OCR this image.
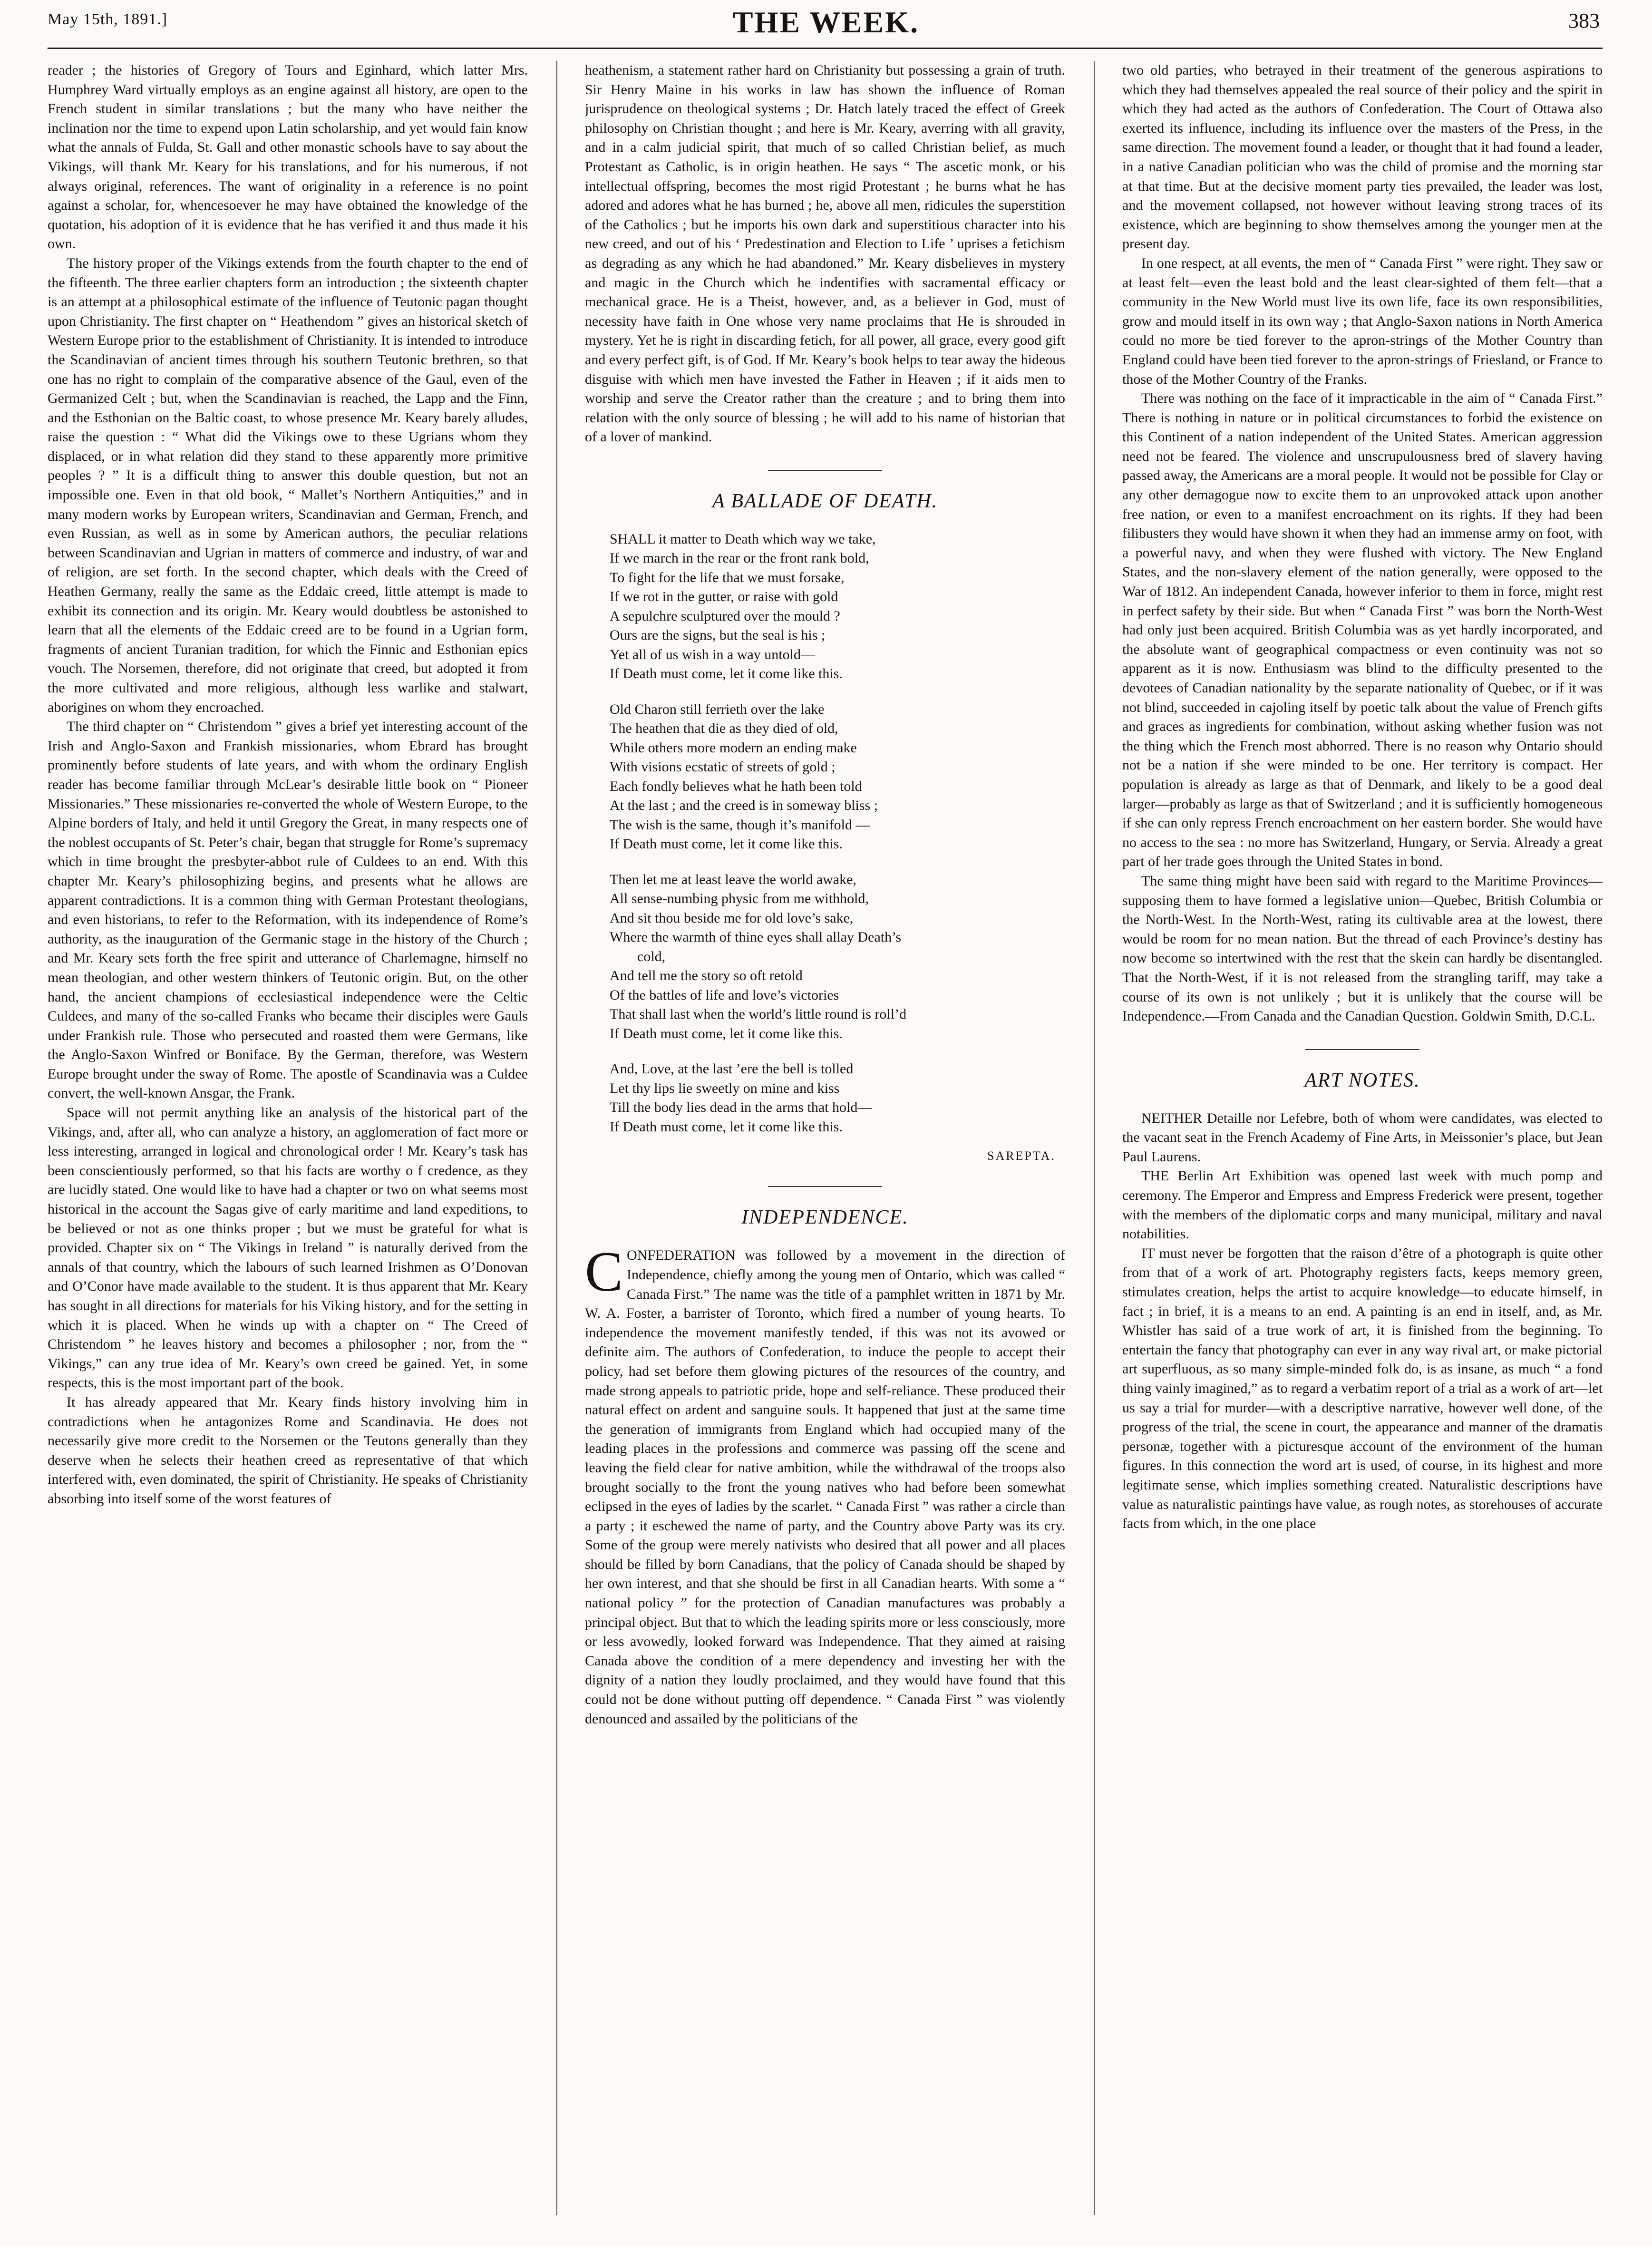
May 15th, 1891.]	THE WEEK.	383

reader ; the histories of Gregory of Tours and Eginhard, which latter Mrs. Humphrey Ward virtually employs as an engine against all history, are open to the French student in similar translations ; but the many who have neither the inclination nor the time to expend upon Latin scholarship, and yet would fain know what the annals of Fulda, St. Gall and other monastic schools have to say about the Vikings, will thank Mr. Keary for his translations, and for his numerous, if not always original, references. The want of originality in a reference is no point against a scholar, for, whencesoever he may have obtained the knowledge of the quotation, his adoption of it is evidence that he has verified it and thus made it his own.

The history proper of the Vikings extends from the fourth chapter to the end of the fifteenth. The three earlier chapters form an introduction ; the sixteenth chapter is an attempt at a philosophical estimate of the influence of Teutonic pagan thought upon Christianity. The first chapter on “ Heathendom ” gives an historical sketch of Western Europe prior to the establishment of Christianity. It is intended to introduce the Scandinavian of ancient times through his southern Teutonic brethren, so that one has no right to complain of the comparative absence of the Gaul, even of the Germanized Celt ; but, when the Scandinavian is reached, the Lapp and the Finn, and the Esthonian on the Baltic coast, to whose presence Mr. Keary barely alludes, raise the question : “ What did the Vikings owe to these Ugrians whom they displaced, or in what relation did they stand to these apparently more primitive peoples ? ” It is a difficult thing to answer this double question, but not an impossible one. Even in that old book, “ Mallet’s Northern Antiquities,” and in many modern works by European writers, Scandinavian and German, French, and even Russian, as well as in some by American authors, the peculiar relations between Scandinavian and Ugrian in matters of commerce and industry, of war and of religion, are set forth. In the second chapter, which deals with the Creed of Heathen Germany, really the same as the Eddaic creed, little attempt is made to exhibit its connection and its origin. Mr. Keary would doubtless be astonished to learn that all the elements of the Eddaic creed are to be found in a Ugrian form, fragments of ancient Turanian tradition, for which the Finnic and Esthonian epics vouch. The Norsemen, therefore, did not originate that creed, but adopted it from the more cultivated and more religious, although less warlike and stalwart, aborigines on whom they encroached.

The third chapter on “ Christendom ” gives a brief yet interesting account of the Irish and Anglo-Saxon and Frankish missionaries, whom Ebrard has brought prominently before students of late years, and with whom the ordinary English reader has become familiar through McLear’s desirable little book on “ Pioneer Missionaries.” These missionaries re-converted the whole of Western Europe, to the Alpine borders of Italy, and held it until Gregory the Great, in many respects one of the noblest occupants of St. Peter’s chair, began that struggle for Rome’s supremacy which in time brought the presbyter-abbot rule of Culdees to an end. With this chapter Mr. Keary’s philosophizing begins, and presents what he allows are apparent contradictions. It is a common thing with German Protestant theologians, and even historians, to refer to the Reformation, with its independence of Rome’s authority, as the inauguration of the Germanic stage in the history of the Church ; and Mr. Keary sets forth the free spirit and utterance of Charlemagne, himself no mean theologian, and other western thinkers of Teutonic origin. But, on the other hand, the ancient champions of ecclesiastical independence were the Celtic Culdees, and many of the so-called Franks who became their disciples were Gauls under Frankish rule. Those who persecuted and roasted them were Germans, like the Anglo-Saxon Winfred or Boniface. By the German, therefore, was Western Europe brought under the sway of Rome. The apostle of Scandinavia was a Culdee convert, the well-known Ansgar, the Frank.

Space will not permit anything like an analysis of the historical part of the Vikings, and, after all, who can analyze a history, an agglomeration of fact more or less interesting, arranged in logical and chronological order ! Mr. Keary’s task has been conscientiously performed, so that his facts are worthy o f credence, as they are lucidly stated. One would like to have had a chapter or two on what seems most historical in the account the Sagas give of early maritime and land expeditions, to be believed or not as one thinks proper ; but we must be grateful for what is provided. Chapter six on “ The Vikings in Ireland ” is naturally derived from the annals of that country, which the labours of such learned Irishmen as O’Donovan and O’Conor have made available to the student. It is thus apparent that Mr. Keary has sought in all directions for materials for his Viking history, and for the setting in which it is placed. When he winds up with a chapter on “ The Creed of Christendom ” he leaves history and becomes a philosopher ; nor, from the “ Vikings,” can any true idea of Mr. Keary’s own creed be gained. Yet, in some respects, this is the most important part of the book.

It has already appeared that Mr. Keary finds history involving him in contradictions when he antagonizes Rome and Scandinavia. He does not necessarily give more credit to the Norsemen or the Teutons generally than they deserve when he selects their heathen creed as representative of that which interfered with, even dominated, the spirit of Christianity. He speaks of Christianity absorbing into itself some of the worst features of

heathenism, a statement rather hard on Christianity but possessing a grain of truth. Sir Henry Maine in his works in law has shown the influence of Roman jurisprudence on theological systems ; Dr. Hatch lately traced the effect of Greek philosophy on Christian thought ; and here is Mr. Keary, averring with all gravity, and in a calm judicial spirit, that much of so called Christian belief, as much Protestant as Catholic, is in origin heathen. He says “ The ascetic monk, or his intellectual offspring, becomes the most rigid Protestant ; he burns what he has adored and adores what he has burned ; he, above all men, ridicules the superstition of the Catholics ; but he imports his own dark and superstitious character into his new creed, and out of his ‘ Predestination and Election to Life ’ uprises a fetichism as degrading as any which he had abandoned.” Mr. Keary disbelieves in mystery and magic in the Church which he indentifies with sacramental efficacy or mechanical grace. He is a Theist, however, and, as a believer in God, must of necessity have faith in One whose very name proclaims that He is shrouded in mystery. Yet he is right in discarding fetich, for all power, all grace, every good gift and every perfect gift, is of God. If Mr. Keary’s book helps to tear away the hideous disguise with which men have invested the Father in Heaven ; if it aids men to worship and serve the Creator rather than the creature ; and to bring them into relation with the only source of blessing ; he will add to his name of historian that of a lover of mankind.

A BALLADE OF DEATH.
SHALL it matter to Death which way we take,
If we march in the rear or the front rank bold,
To fight for the life that we must forsake,
If we rot in the gutter, or raise with gold
A sepulchre sculptured over the mould ?
Ours are the signs, but the seal is his ;
Yet all of us wish in a way untold—
If Death must come, let it come like this.
Old Charon still ferrieth over the lake
The heathen that die as they died of old,
While others more modern an ending make
With visions ecstatic of streets of gold ;
Each fondly believes what he hath been told
At the last ; and the creed is in someway bliss ;
The wish is the same, though it’s manifold —
If Death must come, let it come like this.
Then let me at least leave the world awake,
All sense-numbing physic from me withhold,
And sit thou beside me for old love’s sake,
Where the warmth of thine eyes shall allay Death’s
cold,
And tell me the story so oft retold
Of the battles of life and love’s victories
That shall last when the world’s little round is roll’d
If Death must come, let it come like this.
And, Love, at the last ’ere the bell is tolled
Let thy lips lie sweetly on mine and kiss
Till the body lies dead in the arms that hold—
If Death must come, let it come like this.
SAREPTA.
INDEPENDENCE.

CONFEDERATION was followed by a movement in the direction of Independence, chiefly among the young men of Ontario, which was called “ Canada First.” The name was the title of a pamphlet written in 1871 by Mr. W. A. Foster, a barrister of Toronto, which fired a number of young hearts. To independence the movement manifestly tended, if this was not its avowed or definite aim. The authors of Confederation, to induce the people to accept their policy, had set before them glowing pictures of the resources of the country, and made strong appeals to patriotic pride, hope and self-reliance. These produced their natural effect on ardent and sanguine souls. It happened that just at the same time the generation of immigrants from England which had occupied many of the leading places in the professions and commerce was passing off the scene and leaving the field clear for native ambition, while the withdrawal of the troops also brought socially to the front the young natives who had before been somewhat eclipsed in the eyes of ladies by the scarlet. “ Canada First ” was rather a circle than a party ; it eschewed the name of party, and the Country above Party was its cry. Some of the group were merely nativists who desired that all power and all places should be filled by born Canadians, that the policy of Canada should be shaped by her own interest, and that she should be first in all Canadian hearts. With some a “ national policy ” for the protection of Canadian manufactures was probably a principal object. But that to which the leading spirits more or less consciously, more or less avowedly, looked forward was Independence. That they aimed at raising Canada above the condition of a mere dependency and investing her with the dignity of a nation they loudly proclaimed, and they would have found that this could not be done without putting off dependence. “ Canada First ” was violently denounced and assailed by the politicians of the

two old parties, who betrayed in their treatment of the generous aspirations to which they had themselves appealed the real source of their policy and the spirit in which they had acted as the authors of Confederation. The Court of Ottawa also exerted its influence, including its influence over the masters of the Press, in the same direction. The movement found a leader, or thought that it had found a leader, in a native Canadian politician who was the child of promise and the morning star at that time. But at the decisive moment party ties prevailed, the leader was lost, and the movement collapsed, not however without leaving strong traces of its existence, which are beginning to show themselves among the younger men at the present day.

In one respect, at all events, the men of “ Canada First ” were right. They saw or at least felt—even the least bold and the least clear-sighted of them felt—that a community in the New World must live its own life, face its own responsibilities, grow and mould itself in its own way ; that Anglo-Saxon nations in North America could no more be tied forever to the apron-strings of the Mother Country than England could have been tied forever to the apron-strings of Friesland, or France to those of the Mother Country of the Franks.

There was nothing on the face of it impracticable in the aim of “ Canada First.” There is nothing in nature or in political circumstances to forbid the existence on this Continent of a nation independent of the United States. American aggression need not be feared. The violence and unscrupulousness bred of slavery having passed away, the Americans are a moral people. It would not be possible for Clay or any other demagogue now to excite them to an unprovoked attack upon another free nation, or even to a manifest encroachment on its rights. If they had been filibusters they would have shown it when they had an immense army on foot, with a powerful navy, and when they were flushed with victory. The New England States, and the non-slavery element of the nation generally, were opposed to the War of 1812. An independent Canada, however inferior to them in force, might rest in perfect safety by their side. But when “ Canada First ” was born the North-West had only just been acquired. British Columbia was as yet hardly incorporated, and the absolute want of geographical compactness or even continuity was not so apparent as it is now. Enthusiasm was blind to the difficulty presented to the devotees of Canadian nationality by the separate nationality of Quebec, or if it was not blind, succeeded in cajoling itself by poetic talk about the value of French gifts and graces as ingredients for combination, without asking whether fusion was not the thing which the French most abhorred. There is no reason why Ontario should not be a nation if she were minded to be one. Her territory is compact. Her population is already as large as that of Denmark, and likely to be a good deal larger—probably as large as that of Switzerland ; and it is sufficiently homogeneous if she can only repress French encroachment on her eastern border. She would have no access to the sea : no more has Switzerland, Hungary, or Servia. Already a great part of her trade goes through the United States in bond.

The same thing might have been said with regard to the Maritime Provinces—supposing them to have formed a legislative union—Quebec, British Columbia or the North-West. In the North-West, rating its cultivable area at the lowest, there would be room for no mean nation. But the thread of each Province’s destiny has now become so intertwined with the rest that the skein can hardly be disentangled. That the North-West, if it is not released from the strangling tariff, may take a course of its own is not unlikely ; but it is unlikely that the course will be Independence.—From Canada and the Canadian Question. Goldwin Smith, D.C.L.

ART NOTES.

NEITHER Detaille nor Lefebre, both of whom were candidates, was elected to the vacant seat in the French Academy of Fine Arts, in Meissonier’s place, but Jean Paul Laurens.

THE Berlin Art Exhibition was opened last week with much pomp and ceremony. The Emperor and Empress and Empress Frederick were present, together with the members of the diplomatic corps and many municipal, military and naval notabilities.

IT must never be forgotten that the raison d’être of a photograph is quite other from that of a work of art. Photography registers facts, keeps memory green, stimulates creation, helps the artist to acquire knowledge—to educate himself, in fact ; in brief, it is a means to an end. A painting is an end in itself, and, as Mr. Whistler has said of a true work of art, it is finished from the beginning. To entertain the fancy that photography can ever in any way rival art, or make pictorial art superfluous, as so many simple-minded folk do, is as insane, as much “ a fond thing vainly imagined,” as to regard a verbatim report of a trial as a work of art—let us say a trial for murder—with a descriptive narrative, however well done, of the progress of the trial, the scene in court, the appearance and manner of the dramatis personæ, together with a picturesque account of the environment of the human figures. In this connection the word art is used, of course, in its highest and more legitimate sense, which implies something created. Naturalistic descriptions have value as naturalistic paintings have value, as rough notes, as storehouses of accurate facts from which, in the one place
